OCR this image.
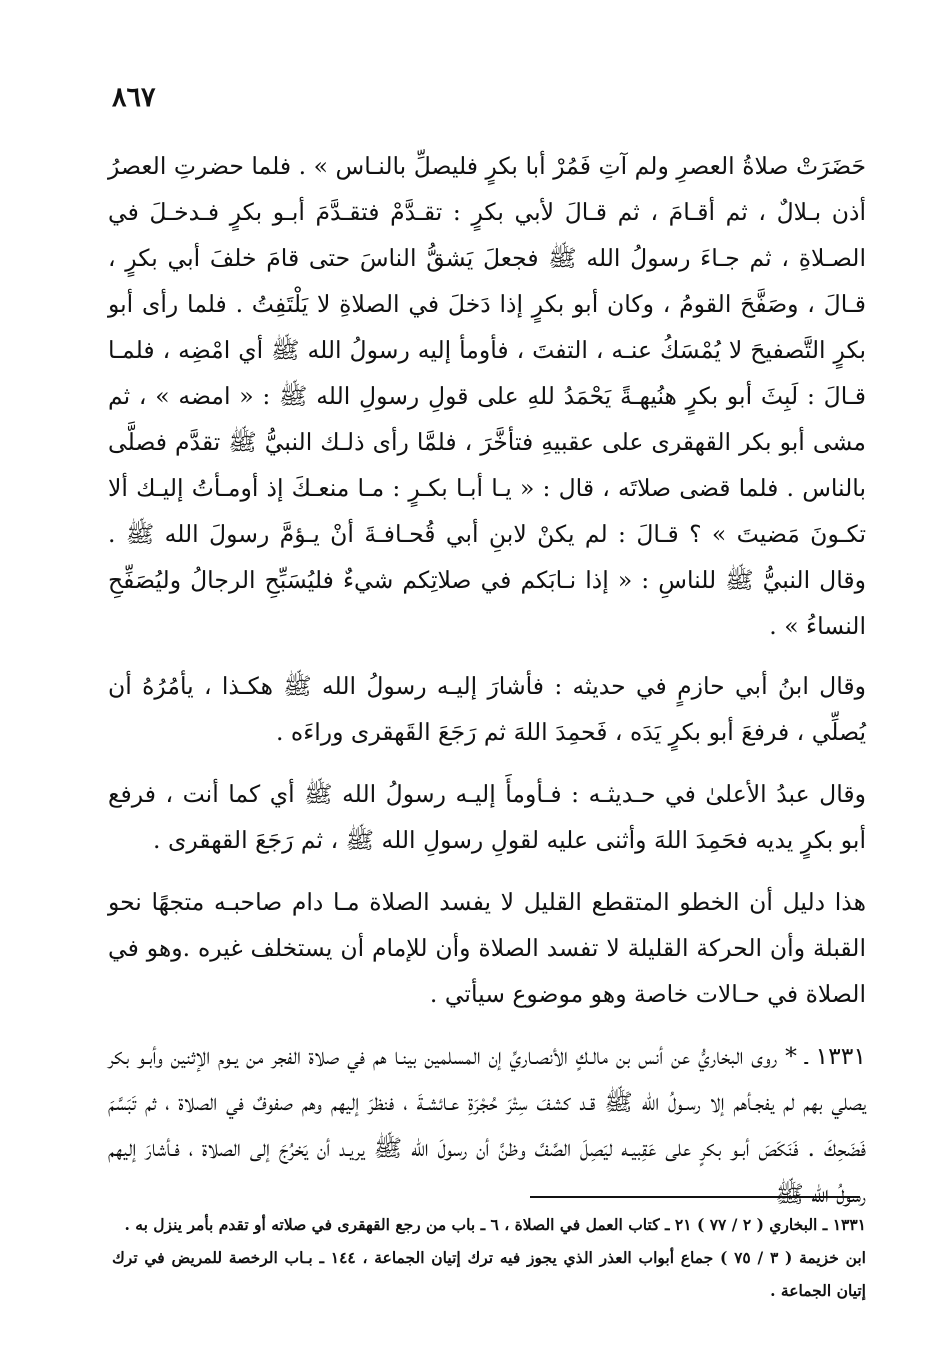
٨٦٧

حَضَرَتْ صلاةُ العصرِ ولم آتِ فَمُرْ أبا بكرٍ فليصلِّ بالنـاس » . فلما حضرتِ العصرُ أذن بـلالٌ ، ثم أقـامَ ، ثم قـالَ لأبي بكرٍ : تقـدَّمْ فتقـدَّمَ أبـو بكرٍ فـدخـلَ في الصـلاةِ ، ثم جـاءَ رسولُ الله ﷺ فجعلَ يَشقُّ الناسَ حتى قامَ خلفَ أبي بكرٍ ، قـالَ ، وصَفَّحَ القومُ ، وكان أبو بكرٍ إذا دَخلَ في الصلاةِ لا يَلْتَفِتُ . فلما رأى أبو بكرٍ التَّصفيحَ لا يُمْسَكُ عنـه ، التفتَ ، فأومأ إليه رسولُ الله ﷺ أي امْضِه ، فلمـا قـالَ : لَبِثَ أبو بكرٍ هنُيهـةً يَحْمَدُ للهِ على قولِ رسولِ الله ﷺ : « امضه » ، ثم مشى أبو بكر القهقرى على عقبيهِ فتأخَّرَ ، فلمَّا رأى ذلـك النبيُّ ﷺ تقدَّم فصلَّى بالناس . فلما قضى صلاتَه ، قال : « يـا أبـا بكـرٍ : مـا منعـكَ إذ أومـأتُ إليـك ألا تكـونَ مَضيتَ » ؟ قـالَ : لم يكنْ لابنِ أبي قُحـافـةَ أنْ يـؤمَّ رسولَ الله ﷺ . وقال النبيُّ ﷺ للناسِ : « إذا نـابَكم في صلاتِكم شيءٌ فليُسَبِّحِ الرجالُ وليُصَفِّحِ النساءُ » .

وقال ابنُ أبي حازمٍ في حديثه : فأشارَ إليـه رسولُ الله ﷺ هكـذا ، يأمُرُهُ أن يُصلِّي ، فرفعَ أبو بكرٍ يَدَه ، فَحمِدَ اللهَ ثم رَجَعَ القَهقرى وراءَه .

وقال عبدُ الأعلىٰ في حـديثـه : فـأومأَ إليـه رسولُ الله ﷺ أي كما أنت ، فرفع أبو بكرٍ يديه فحَمِدَ اللهَ وأثنى عليه لقولِ رسولِ الله ﷺ ، ثم رَجَعَ القهقرى .

هذا دليل أن الخطو المتقطع القليل لا يفسد الصلاة مـا دام صاحبـه متجهًا نحو القبلة وأن الحركة القليلة لا تفسد الصلاة وأن للإمام أن يستخلف غيره .وهو في الصلاة في حـالات خاصة وهو موضوع سيأتي .

١٣٣١ ـ * روى البخاريُّ عن أنس بن مالـكٍ الأنصـاريِّ إن المسلمين بينـا هم في صلاة الفجر من يـوم الإثنين وأبـو بكر يصلي بهم لم يفجـأهم إلا رسـولُ الله ﷺ قـد كشفَ سِتْرَ حُجْرَةِ عـائشـةَ ، فنظرَ إليهم وهم صفوفٌ في الصلاة ، ثم تَبَسَّمَ فَضَحِكَ . فَنَكَصَ أبـو بكرٍ على عَقِبيـه ليَصِلَ الصَّفَّ وظنَّ أن رسولَ الله ﷺ يريـد أن يَخرُجَ إلى الصلاة ، فـأشارَ إليهم رسولُ الله ﷺ

١٣٣١ ـ البخاري ( ٢ / ٧٧ ) ٢١ ـ كتاب العمل في الصلاة ، ٦ ـ باب من رجع القهقرى في صلاته أو تقدم بأمر ينزل به .

ابن خزيمة ( ٣ / ٧٥ ) جماع أبواب العذر الذي يجوز فيه ترك إتيان الجماعة ، ١٤٤ ـ بـاب الرخصة للمريض في ترك إتيان الجماعة .
